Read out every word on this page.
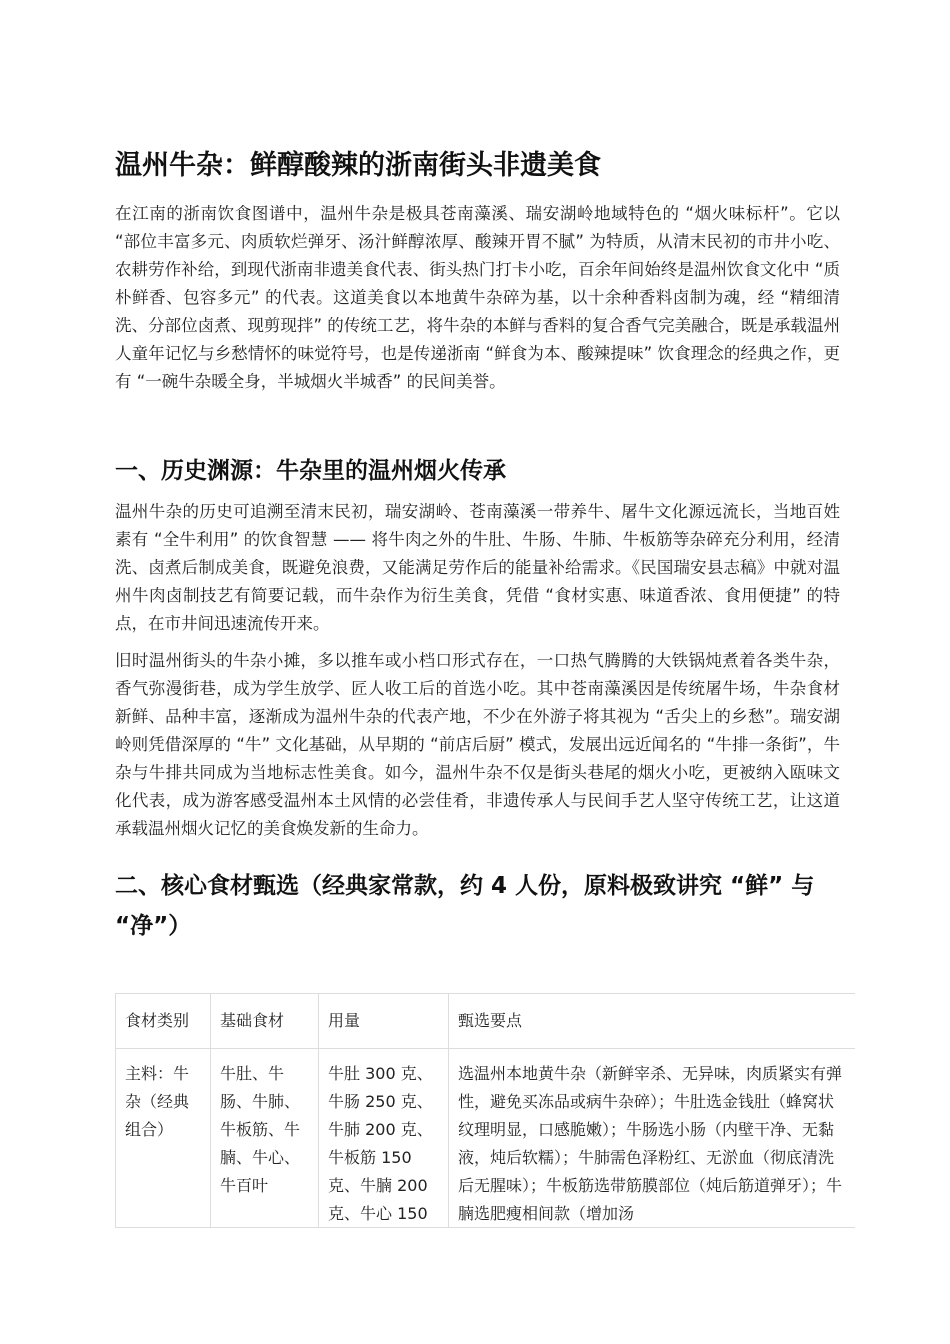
温州牛杂：鲜醇酸辣的浙南街头非遗美食

在江南的浙南饮食图谱中，温州牛杂是极具苍南藻溪、瑞安湖岭地域特色的 “烟火味标杆”。它以 “部位丰富多元、肉质软烂弹牙、汤汁鲜醇浓厚、酸辣开胃不腻” 为特质，从清末民初的市井小吃、农耕劳作补给，到现代浙南非遗美食代表、街头热门打卡小吃，百余年间始终是温州饮食文化中 “质朴鲜香、包容多元” 的代表。这道美食以本地黄牛杂碎为基，以十余种香料卤制为魂，经 “精细清洗、分部位卤煮、现剪现拌” 的传统工艺，将牛杂的本鲜与香料的复合香气完美融合，既是承载温州人童年记忆与乡愁情怀的味觉符号，也是传递浙南 “鲜食为本、酸辣提味” 饮食理念的经典之作，更有 “一碗牛杂暖全身，半城烟火半城香” 的民间美誉。

一、历史渊源：牛杂里的温州烟火传承

温州牛杂的历史可追溯至清末民初，瑞安湖岭、苍南藻溪一带养牛、屠牛文化源远流长，当地百姓素有 “全牛利用” 的饮食智慧 —— 将牛肉之外的牛肚、牛肠、牛肺、牛板筋等杂碎充分利用，经清洗、卤煮后制成美食，既避免浪费，又能满足劳作后的能量补给需求。《民国瑞安县志稿》中就对温州牛肉卤制技艺有简要记载，而牛杂作为衍生美食，凭借 “食材实惠、味道香浓、食用便捷” 的特点，在市井间迅速流传开来。

旧时温州街头的牛杂小摊，多以推车或小档口形式存在，一口热气腾腾的大铁锅炖煮着各类牛杂，香气弥漫街巷，成为学生放学、匠人收工后的首选小吃。其中苍南藻溪因是传统屠牛场，牛杂食材新鲜、品种丰富，逐渐成为温州牛杂的代表产地，不少在外游子将其视为 “舌尖上的乡愁”。瑞安湖岭则凭借深厚的 “牛” 文化基础，从早期的 “前店后厨” 模式，发展出远近闻名的 “牛排一条街”，牛杂与牛排共同成为当地标志性美食。如今，温州牛杂不仅是街头巷尾的烟火小吃，更被纳入瓯味文化代表，成为游客感受温州本土风情的必尝佳肴，非遗传承人与民间手艺人坚守传统工艺，让这道承载温州烟火记忆的美食焕发新的生命力。

二、核心食材甄选（经典家常款，约 4 人份，原料极致讲究 “鲜” 与 “净”）
食材类别	基础食材	用量	甄选要点
主料：牛杂（经典组合）	牛肚、牛肠、牛肺、牛板筋、牛腩、牛心、牛百叶	牛肚 300 克、牛肠 250 克、牛肺 200 克、牛板筋 150 克、牛腩 200 克、牛心 150	选温州本地黄牛杂（新鲜宰杀、无异味，肉质紧实有弹性，避免买冻品或病牛杂碎）；牛肚选金钱肚（蜂窝状纹理明显，口感脆嫩）；牛肠选小肠（内壁干净、无黏液，炖后软糯）；牛肺需色泽粉红、无淤血（彻底清洗后无腥味）；牛板筋选带筋膜部位（炖后筋道弹牙）；牛腩选肥瘦相间款（增加汤
